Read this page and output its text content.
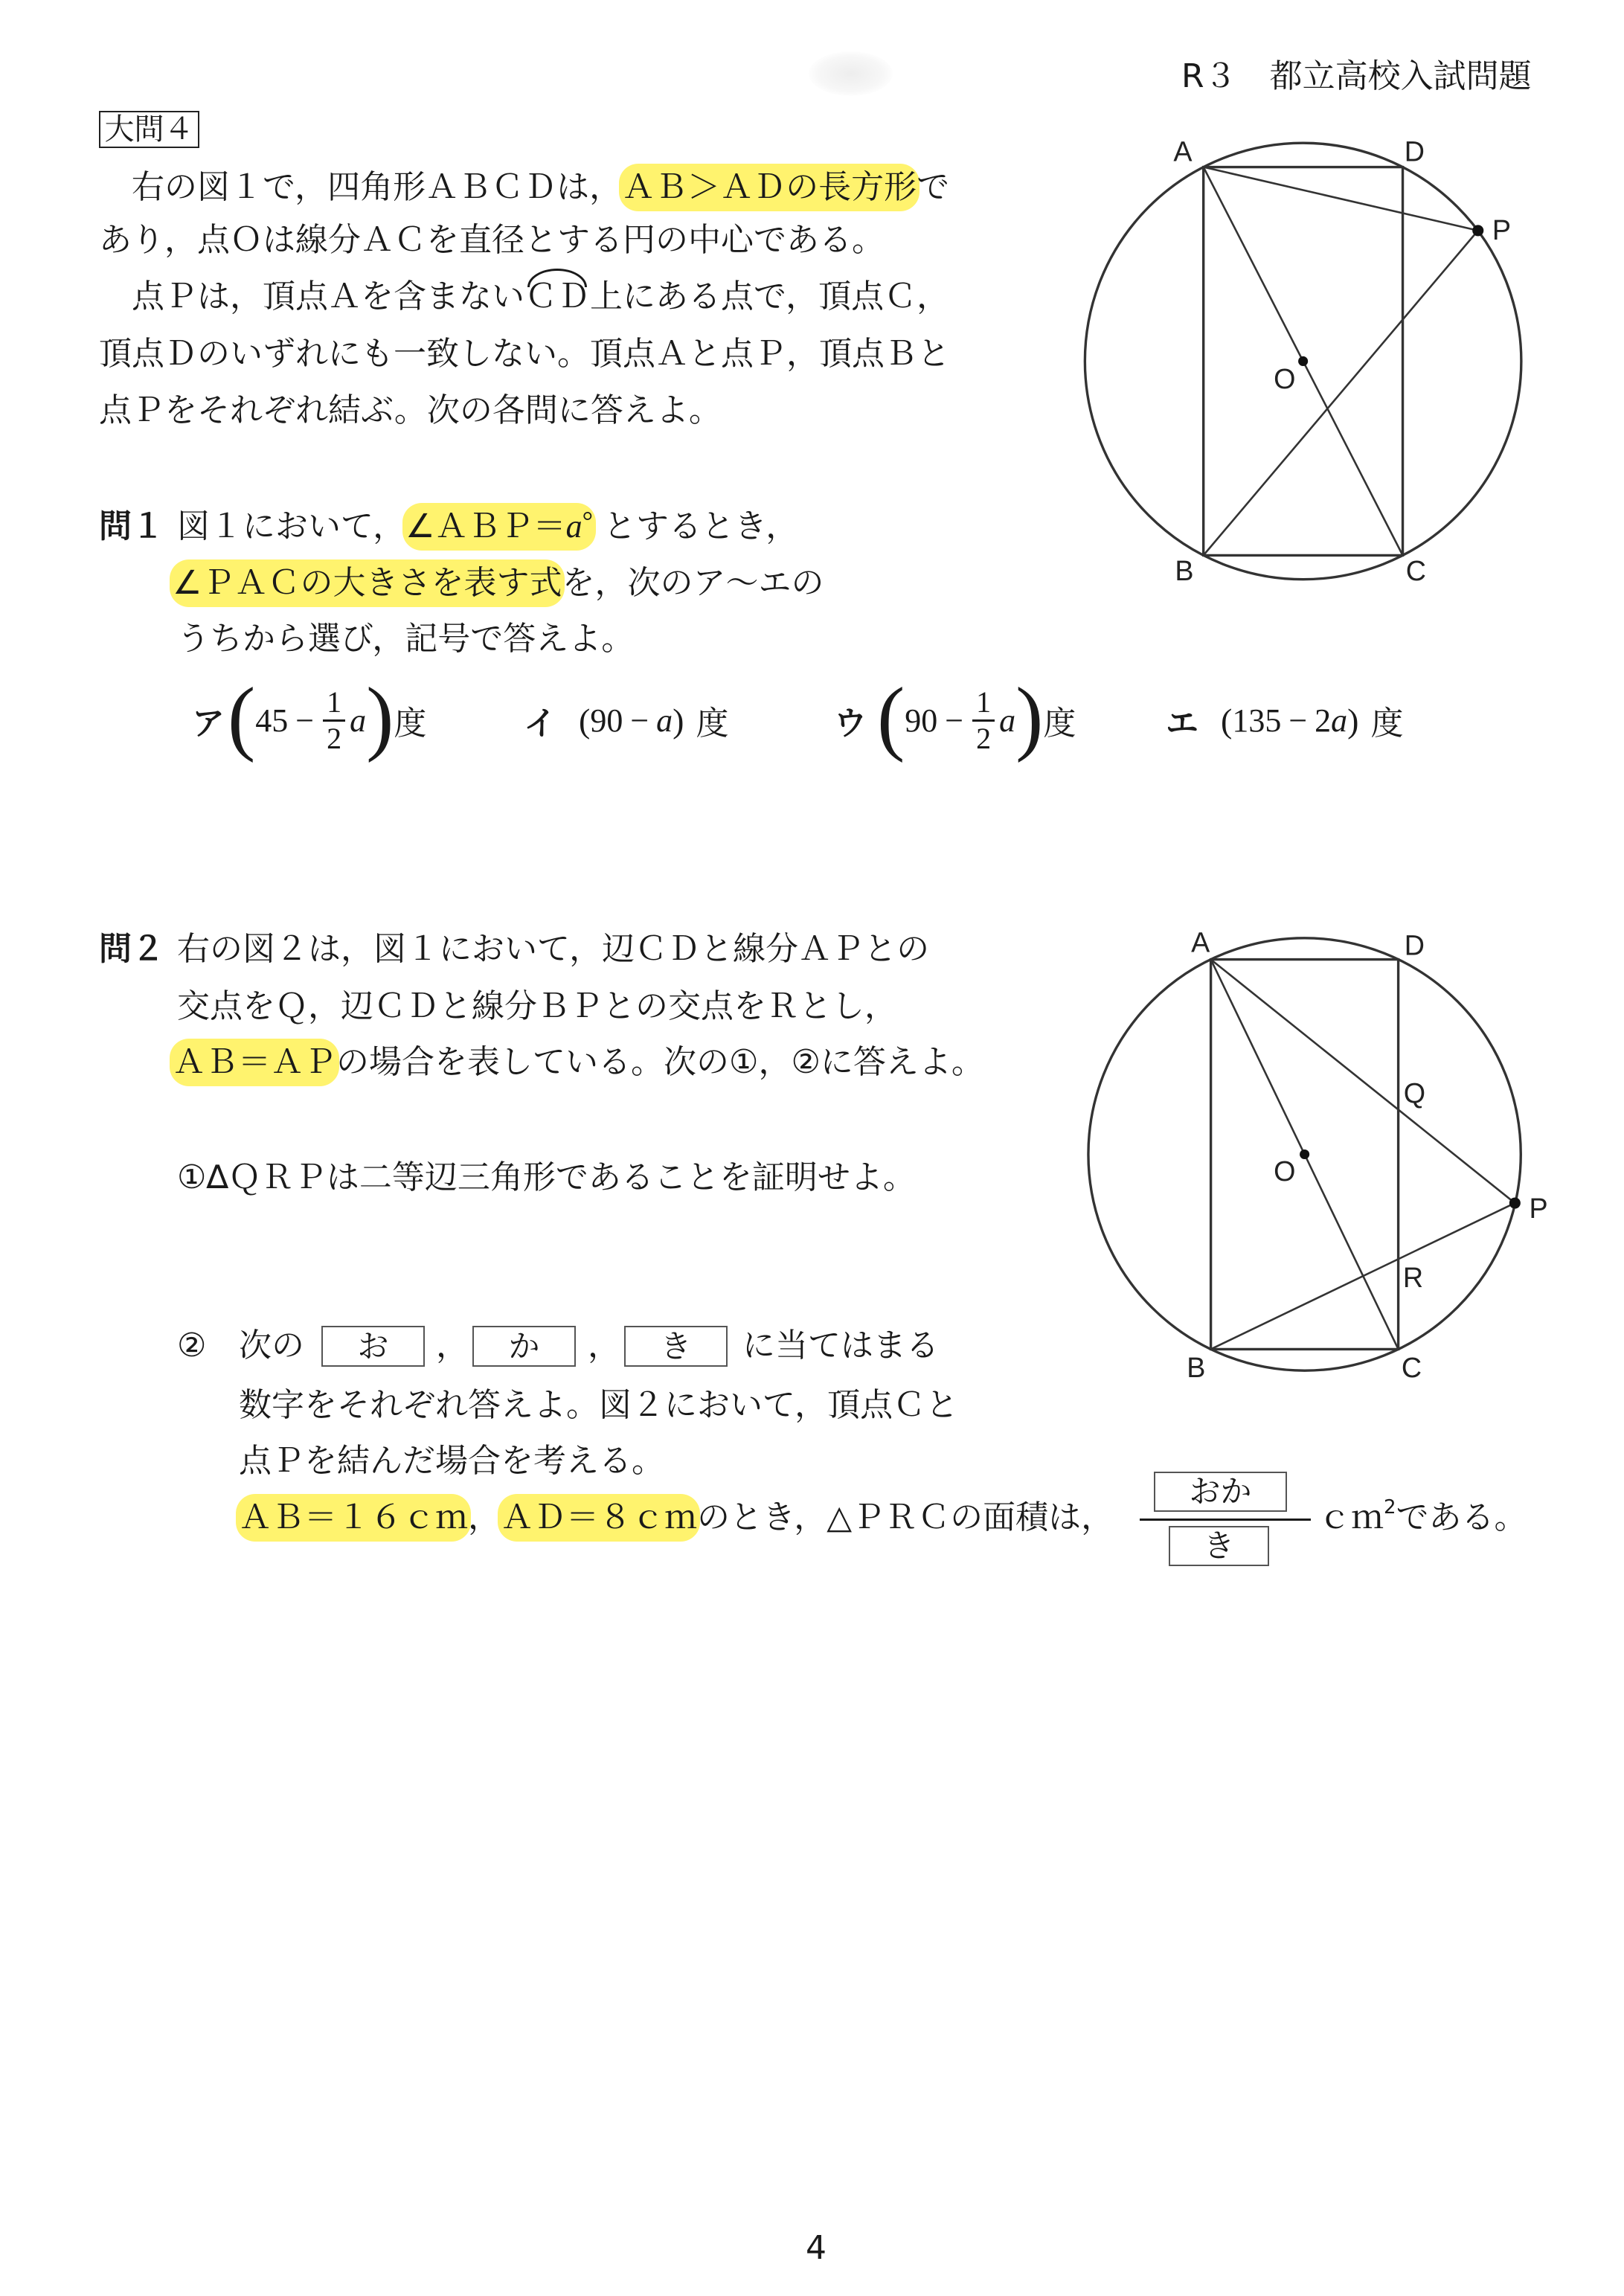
R３　都立高校入試問題
大問４
　右の図１で，四角形ＡＢＣＤは， ＡＢ＞ＡＤの長方形 で
あり，点Ｏは線分ＡＣを直径とする円の中心である。
　点Ｐは，頂点Ａを含まない ＣＤ 上にある点で，頂点Ｃ，
頂点Ｄのいずれにも一致しない。頂点Ａと点Ｐ，頂点Ｂと
点Ｐをそれぞれ結ぶ。次の各問に答えよ。
問１ 図１において， ∠ＡＢＰ＝ a ° とするとき，
∠ＰＡＣの大きさを表す式 を，次のア～エの
うちから選び，記号で答えよ。
ア ( $45 - \frac{1}{2}$ a ) 度	イ ( 90 − a ) 度	ウ ( $90 - \frac{1}{2}$ a ) 度	エ ( 135 − 2 a ) 度
問２ 右の図２は，図１において，辺ＣＤと線分ＡＰとの
交点をＱ，辺ＣＤと線分ＢＰとの交点をＲとし，
ＡＢ＝ＡＰ の場合を表している。次の①，②に答えよ。
①∆ＱＲＰは二等辺三角形であることを証明せよ。
② 次の お ， か ， き に当てはまる
数字をそれぞれ答えよ。図２において，頂点Ｃと
点Ｐを結んだ場合を考える。
ＡＢ＝１６ｃｍ ， ＡＤ＝８ｃｍ のとき，△ＰＲＣの面積は，
おか
き
ｃｍ 2 である。
A	D
P
O
B	C
A	D
Q
O
P
R
B	C
4
